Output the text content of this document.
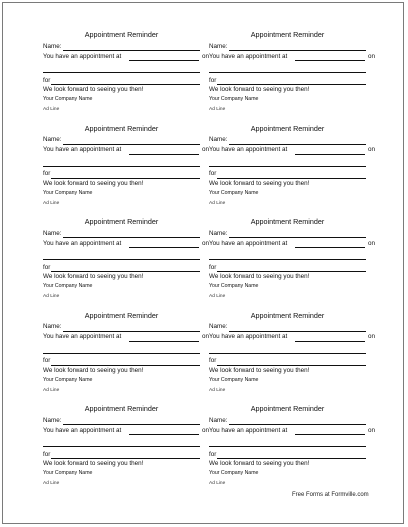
Appointment Reminder
Name:
You have an appointment at	on
for
We look forward to seeing you then!
Your Company Name
Ad Line
Appointment Reminder
Name:
You have an appointment at	on
for
We look forward to seeing you then!
Your Company Name
Ad Line
Appointment Reminder
Name:
You have an appointment at	on
for
We look forward to seeing you then!
Your Company Name
Ad Line
Appointment Reminder
Name:
You have an appointment at	on
for
We look forward to seeing you then!
Your Company Name
Ad Line
Appointment Reminder
Name:
You have an appointment at	on
for
We look forward to seeing you then!
Your Company Name
Ad Line
Appointment Reminder
Name:
You have an appointment at	on
for
We look forward to seeing you then!
Your Company Name
Ad Line
Appointment Reminder
Name:
You have an appointment at	on
for
We look forward to seeing you then!
Your Company Name
Ad Line
Appointment Reminder
Name:
You have an appointment at	on
for
We look forward to seeing you then!
Your Company Name
Ad Line
Appointment Reminder
Name:
You have an appointment at	on
for
We look forward to seeing you then!
Your Company Name
Ad Line
Appointment Reminder
Name:
You have an appointment at	on
for
We look forward to seeing you then!
Your Company Name
Ad Line
Free Forms at Formville.com
